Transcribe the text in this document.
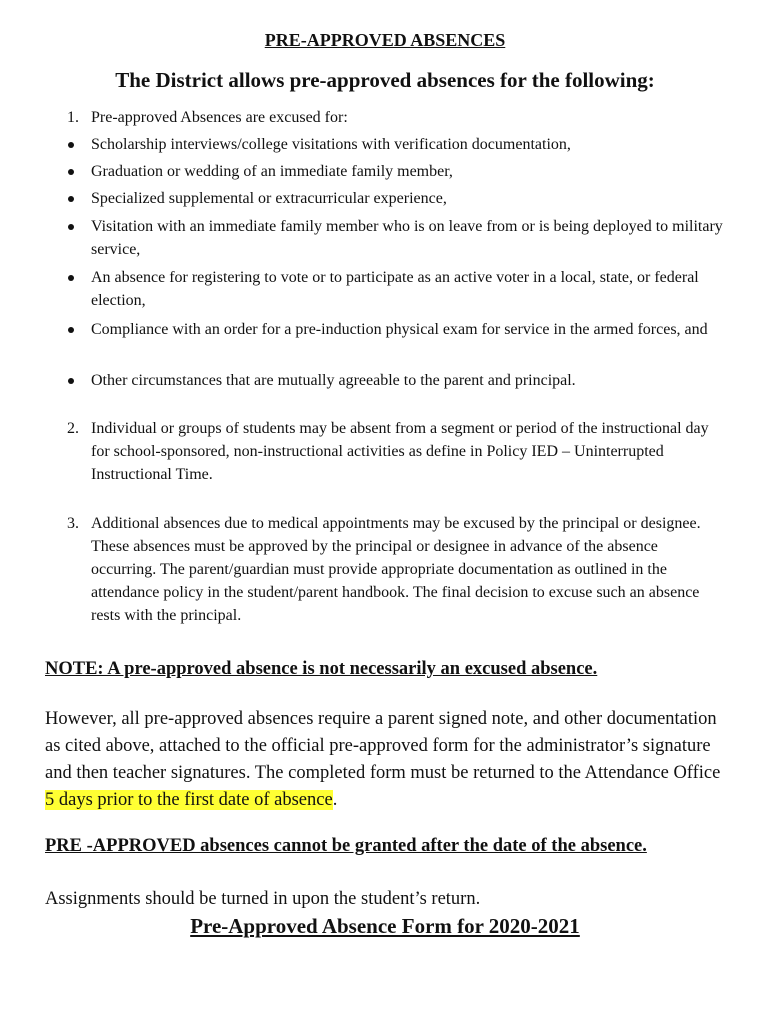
PRE-APPROVED ABSENCES
The District allows pre-approved absences for the following:
1. Pre-approved Absences are excused for:
Scholarship interviews/college visitations with verification documentation,
Graduation or wedding of an immediate family member,
Specialized supplemental or extracurricular experience,
Visitation with an immediate family member who is on leave from or is being deployed to military service,
An absence for registering to vote or to participate as an active voter in a local, state, or federal election,
Compliance with an order for a pre-induction physical exam for service in the armed forces, and
Other circumstances that are mutually agreeable to the parent and principal.
2. Individual or groups of students may be absent from a segment or period of the instructional day for school-sponsored, non-instructional activities as define in Policy IED – Uninterrupted Instructional Time.
3. Additional absences due to medical appointments may be excused by the principal or designee. These absences must be approved by the principal or designee in advance of the absence occurring. The parent/guardian must provide appropriate documentation as outlined in the attendance policy in the student/parent handbook. The final decision to excuse such an absence rests with the principal.
NOTE: A pre-approved absence is not necessarily an excused absence.
However, all pre-approved absences require a parent signed note, and other documentation as cited above, attached to the official pre-approved form for the administrator’s signature and then teacher signatures. The completed form must be returned to the Attendance Office 5 days prior to the first date of absence.
PRE -APPROVED absences cannot be granted after the date of the absence.
Assignments should be turned in upon the student’s return.
Pre-Approved Absence Form for 2020-2021
